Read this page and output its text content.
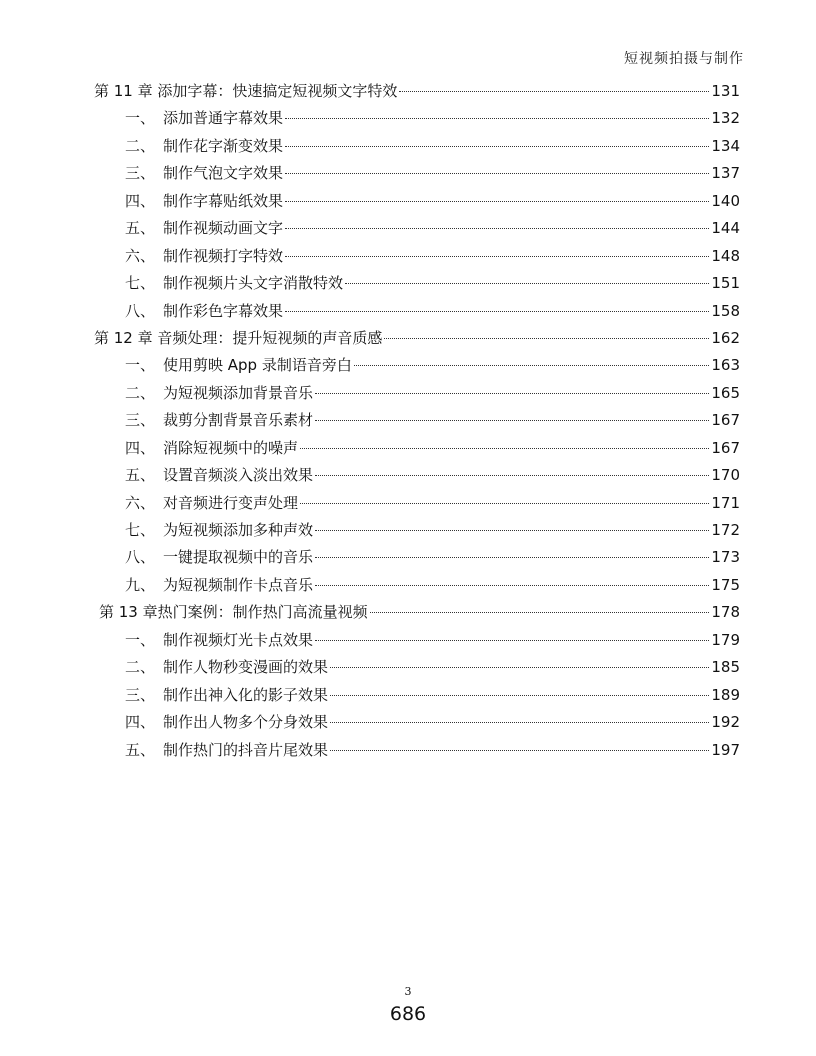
短视频拍摄与制作
第 11 章 添加字幕：快速搞定短视频文字特效	131
一、 添加普通字幕效果	132
二、 制作花字渐变效果	134
三、 制作气泡文字效果	137
四、 制作字幕贴纸效果	140
五、 制作视频动画文字	144
六、 制作视频打字特效	148
七、 制作视频片头文字消散特效	151
八、 制作彩色字幕效果	158
第 12 章 音频处理：提升短视频的声音质感	162
一、 使用剪映 App 录制语音旁白	163
二、 为短视频添加背景音乐	165
三、 裁剪分割背景音乐素材	167
四、 消除短视频中的噪声	167
五、 设置音频淡入淡出效果	170
六、 对音频进行变声处理	171
七、 为短视频添加多种声效	172
八、 一键提取视频中的音乐	173
九、 为短视频制作卡点音乐	175
第 13 章热门案例：制作热门高流量视频	178
一、 制作视频灯光卡点效果	179
二、 制作人物秒变漫画的效果	185
三、 制作出神入化的影子效果	189
四、 制作出人物多个分身效果	192
五、 制作热门的抖音片尾效果	197
3
686
